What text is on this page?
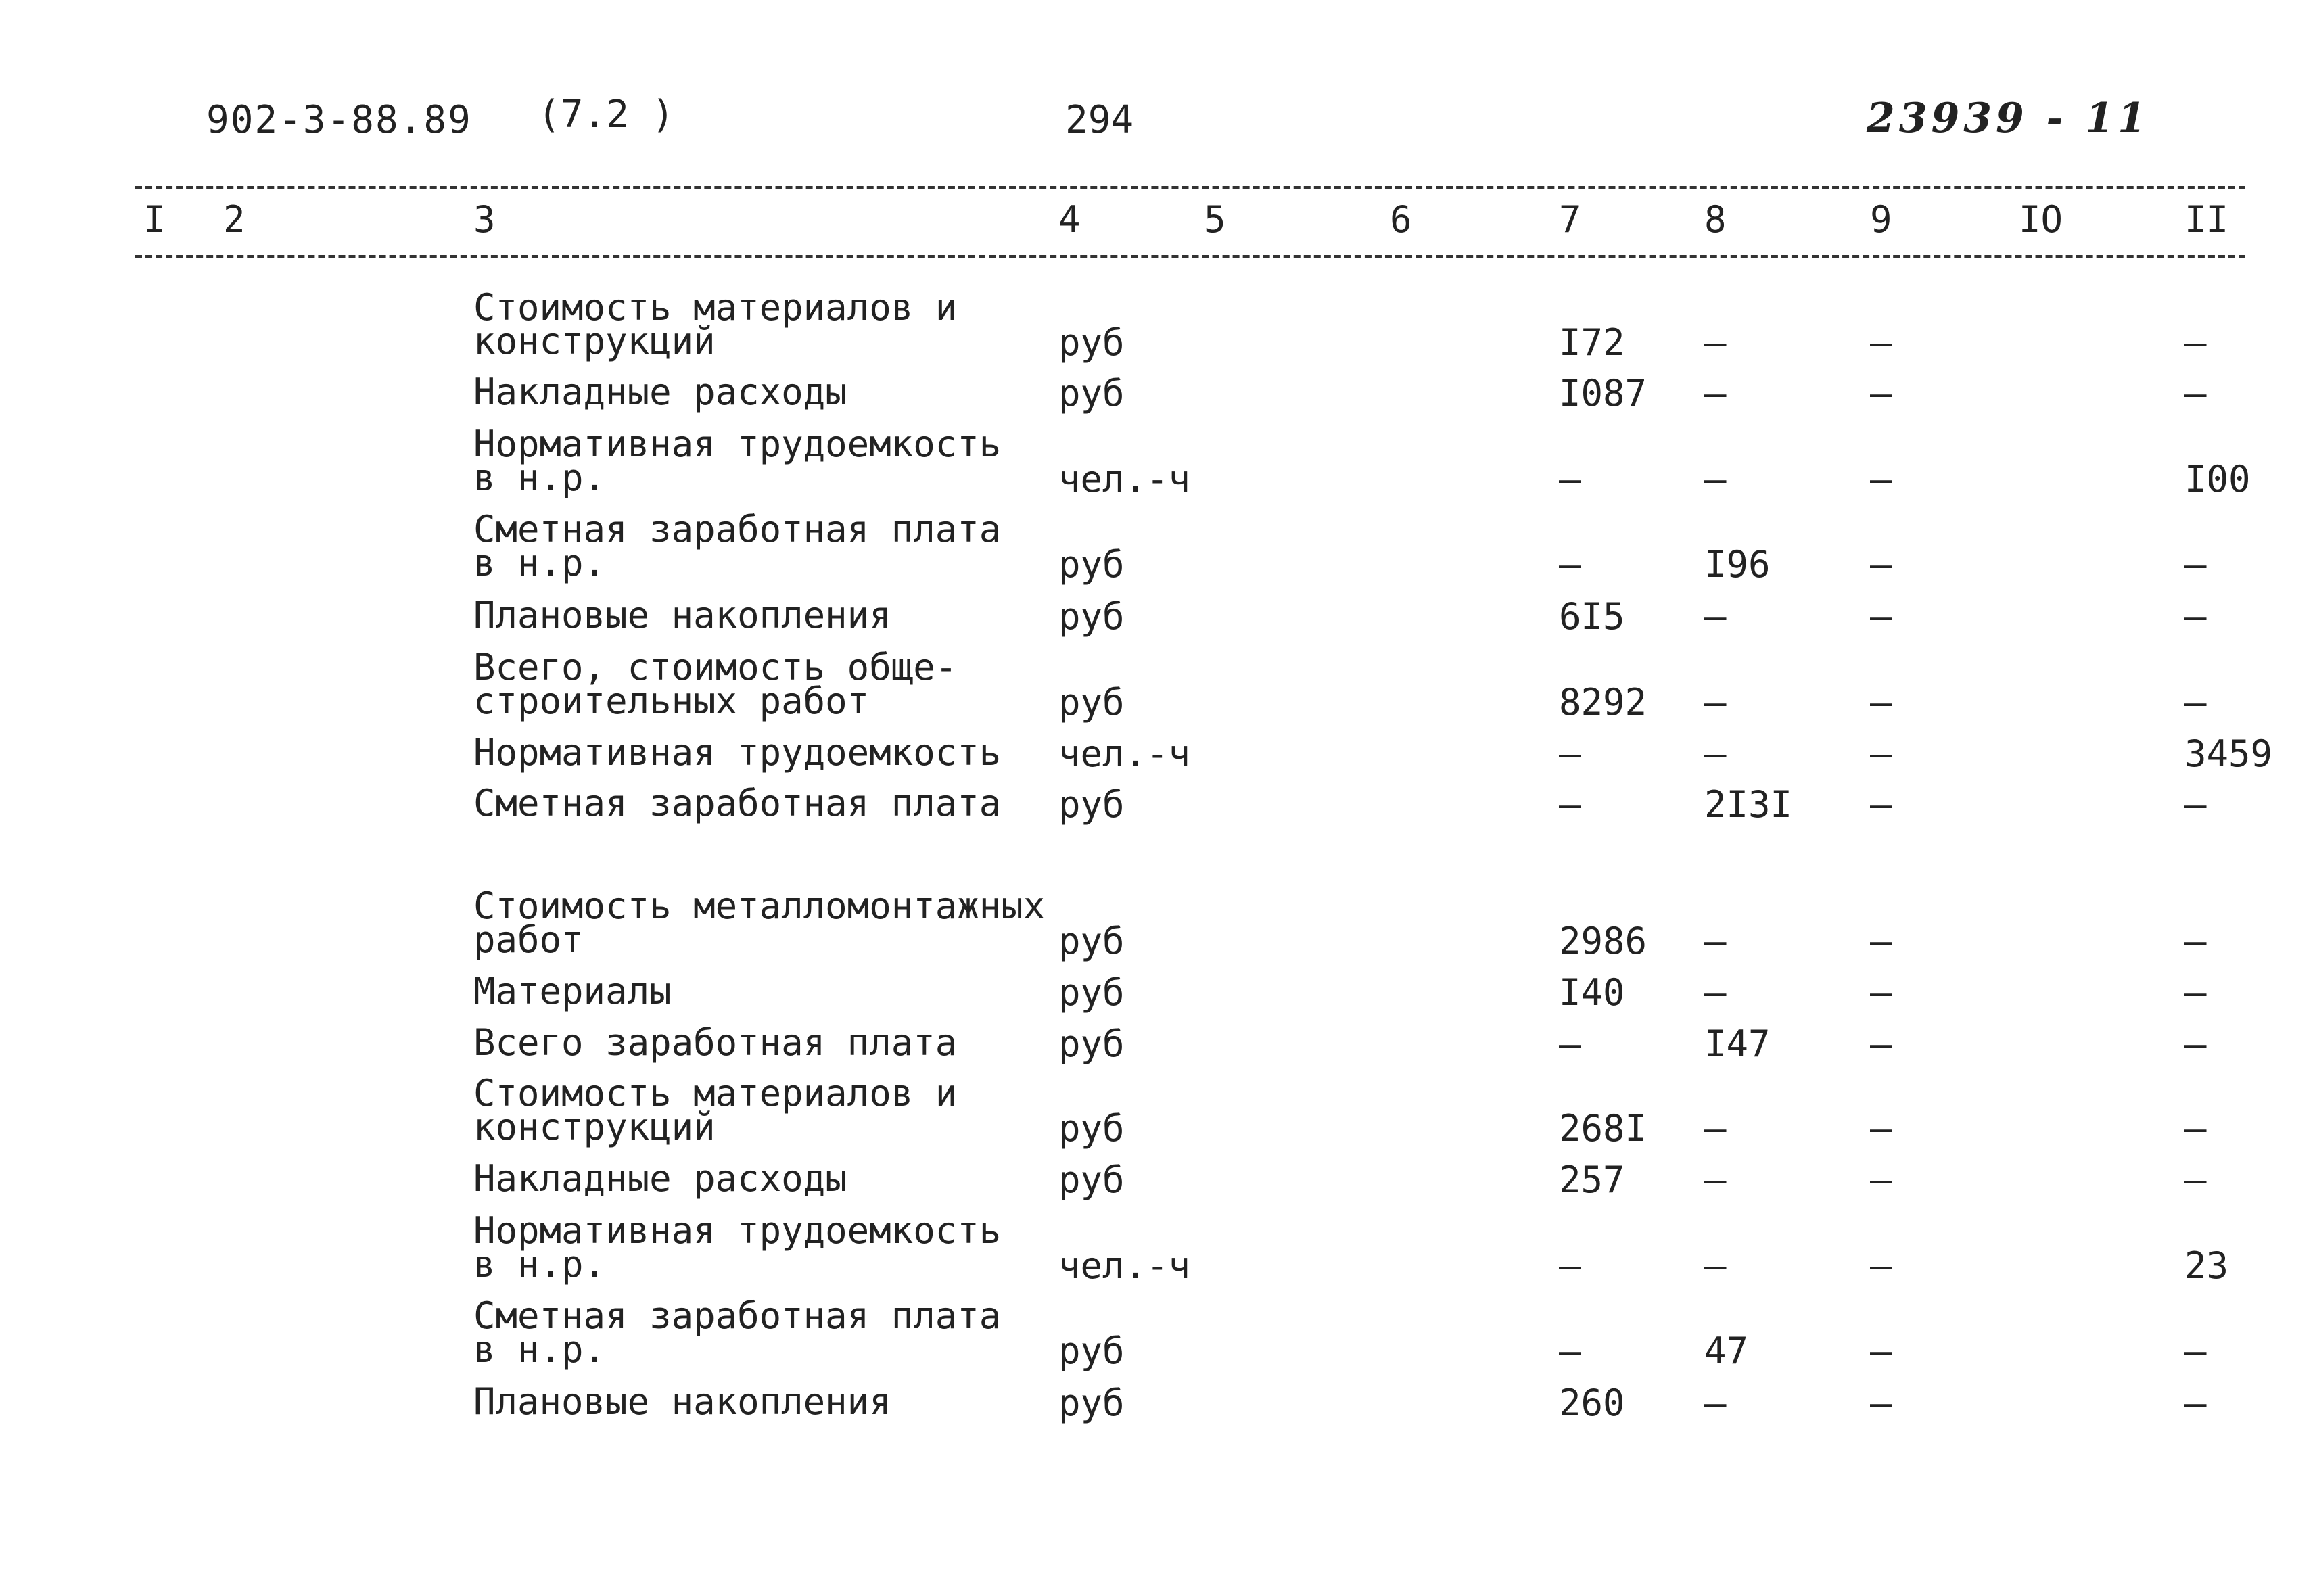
902-3-88.89 (7.2 )	294	23939 - 11
I 2	3	4	5	6	7	8	9	IO	II
Стоимость материалов и
конструкций	руб	I72 –	–	–
Накладные расходы	руб	I087 –	–	–
Нормативная трудоемкость
в н.р.	чел.-ч	–	–	–	I00
Сметная заработная плата
в н.р.	руб	–	I96	–	–
Плановые накопления	руб	6I5 –	–	–
Всего, стоимость обще-
строительных работ	руб	8292 –	–	–
Нормативная трудоемкость чел.-ч	–	–	–	3459
Сметная заработная плата руб	–	2I3I –	–
Стоимость металломонтажных
работ	руб	2986 –	–	–
Материалы	руб	I40 –	–	–
Всего заработная плата	руб	–	I47	–	–
Стоимость материалов и
конструкций	руб	268I –	–	–
Накладные расходы	руб	257 –	–	–
Нормативная трудоемкость
в н.р.	чел.-ч	–	–	–	23
Сметная заработная плата
в н.р.	руб	–	47	–	–
Плановые накопления	руб	260 –	–	–
